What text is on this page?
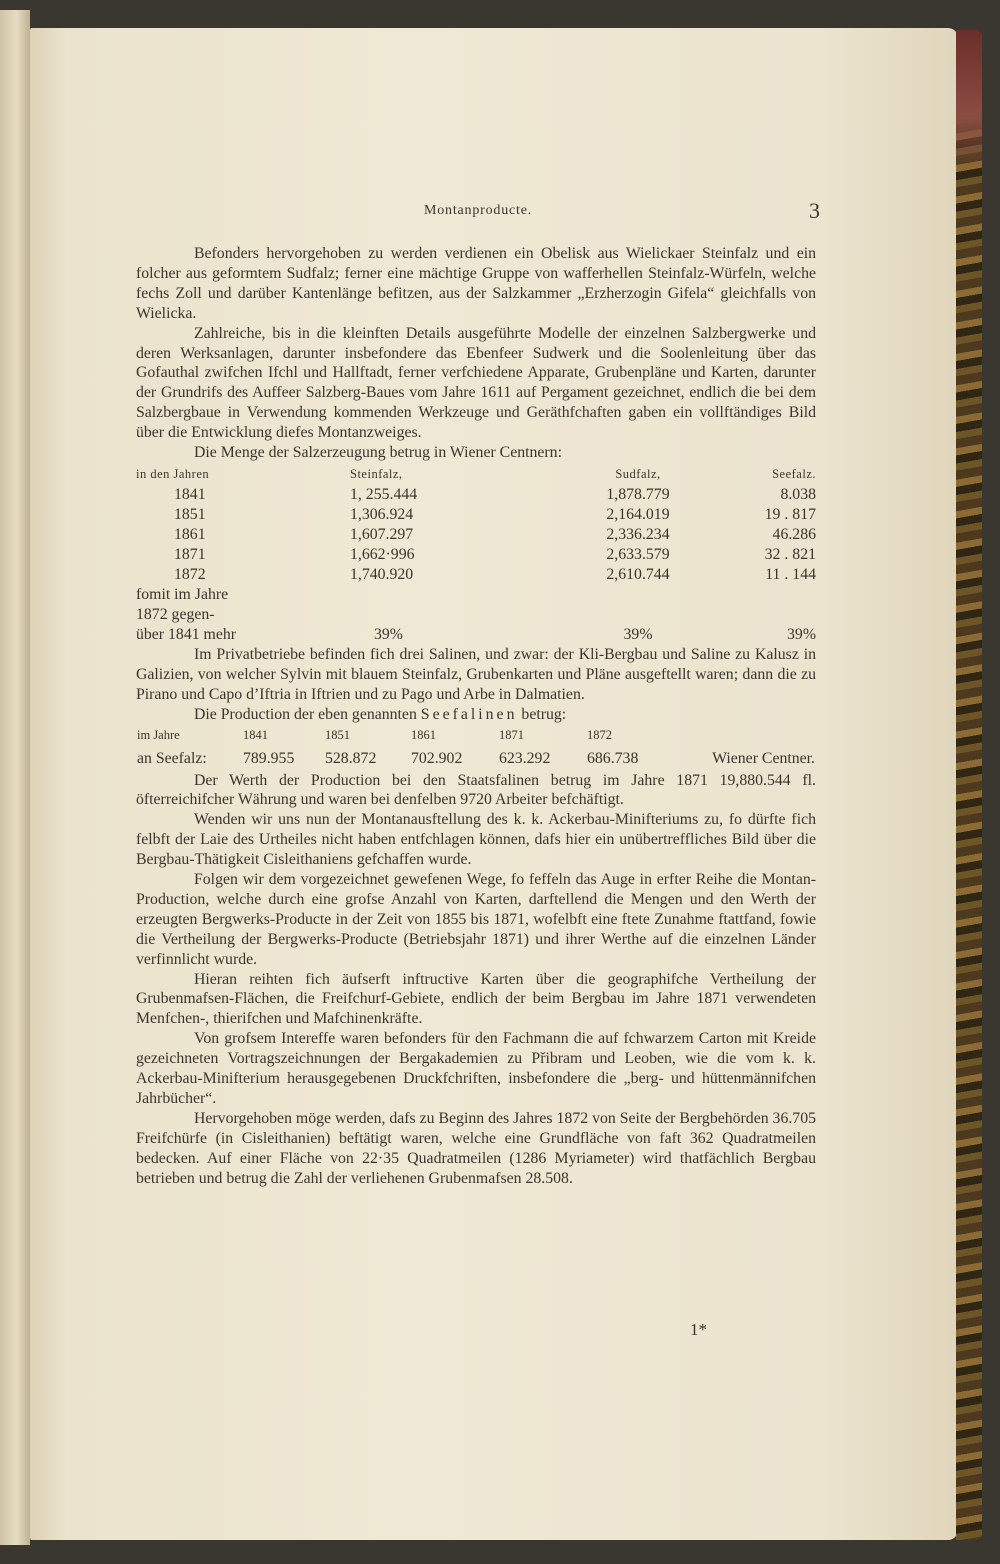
Montanproducte.	3

Befonders hervorgehoben zu werden verdienen ein Obelisk aus Wielickaer Steinfalz und ein folcher aus geformtem Sudfalz; ferner eine mächtige Gruppe von wafferhellen Steinfalz-Würfeln, welche fechs Zoll und darüber Kantenlänge befitzen, aus der Salzkammer „Erzherzogin Gifela“ gleichfalls von Wielicka.

Zahlreiche, bis in die kleinften Details ausgeführte Modelle der einzelnen Salzbergwerke und deren Werksanlagen, darunter insbefondere das Ebenfeer Sudwerk und die Soolenleitung über das Gofauthal zwifchen Ifchl und Hallftadt, ferner verfchiedene Apparate, Grubenpläne und Karten, darunter der Grundrifs des Auffeer Salzberg-Baues vom Jahre 1611 auf Pergament gezeichnet, endlich die bei dem Salzbergbaue in Verwendung kommenden Werkzeuge und Geräthfchaften gaben ein vollftändiges Bild über die Entwicklung diefes Montanzweiges.

Die Menge der Salzerzeugung betrug in Wiener Centnern:

in den Jahren	Steinfalz,	Sudfalz,	Seefalz.
1841	1, 255.444	1,878.779	8.038
1851	1,306.924	2,164.019	19 . 817
1861	1,607.297	2,336.234	46.286
1871	1,662·996	2,633.579	32 . 821
1872	1,740.920	2,610.744	11 . 144
fomit im Jahre			
1872 gegen-			
über 1841 mehr	39%	39%	39%

Im Privatbetriebe befinden fich drei Salinen, und zwar: der Kli-Bergbau und Saline zu Kalusz in Galizien, von welcher Sylvin mit blauem Steinfalz, Grubenkarten und Pläne ausgeftellt waren; dann die zu Pirano und Capo d’Iftria in Iftrien und zu Pago und Arbe in Dalmatien.

Die Production der eben genannten Seefalinen betrug:

im Jahre	1841	1851	1861	1871	1872	
an Seefalz:	789.955	528.872	702.902	623.292	686.738	Wiener Centner.

Der Werth der Production bei den Staatsfalinen betrug im Jahre 1871 19,880.544 fl. öfterreichifcher Währung und waren bei denfelben 9720 Arbeiter befchäftigt.

Wenden wir uns nun der Montanausftellung des k. k. Ackerbau-Minifteriums zu, fo dürfte fich felbft der Laie des Urtheiles nicht haben entfchlagen können, dafs hier ein unübertreffliches Bild über die Bergbau-Thätigkeit Cisleithaniens gefchaffen wurde.

Folgen wir dem vorgezeichnet gewefenen Wege, fo feffeln das Auge in erfter Reihe die Montan-Production, welche durch eine grofse Anzahl von Karten, darftellend die Mengen und den Werth der erzeugten Bergwerks-Producte in der Zeit von 1855 bis 1871, wofelbft eine ftete Zunahme ftattfand, fowie die Vertheilung der Bergwerks-Producte (Betriebsjahr 1871) und ihrer Werthe auf die einzelnen Länder verfinnlicht wurde.

Hieran reihten fich äufserft inftructive Karten über die geographifche Vertheilung der Grubenmafsen-Flächen, die Freifchurf-Gebiete, endlich der beim Bergbau im Jahre 1871 verwendeten Menfchen-, thierifchen und Mafchinenkräfte.

Von grofsem Intereffe waren befonders für den Fachmann die auf fchwarzem Carton mit Kreide gezeichneten Vortragszeichnungen der Bergakademien zu Přibram und Leoben, wie die vom k. k. Ackerbau-Minifterium herausgegebenen Druckfchriften, insbefondere die „berg- und hüttenmännifchen Jahrbücher“.

Hervorgehoben möge werden, dafs zu Beginn des Jahres 1872 von Seite der Bergbehörden 36.705 Freifchürfe (in Cisleithanien) beftätigt waren, welche eine Grundfläche von faft 362 Quadratmeilen bedecken. Auf einer Fläche von 22·35 Quadratmeilen (1286 Myriameter) wird thatfächlich Bergbau betrieben und betrug die Zahl der verliehenen Grubenmafsen 28.508.

1*
